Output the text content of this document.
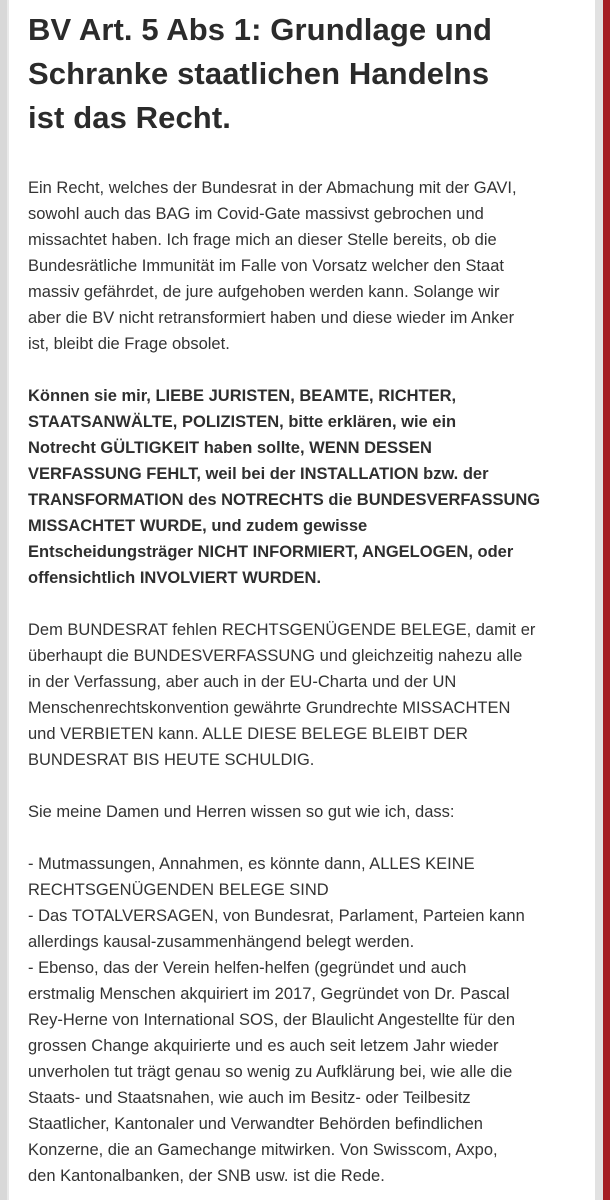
BV Art. 5 Abs 1: Grundlage und
Schranke staatlichen Handelns
ist das Recht.

Ein Recht, welches der Bundesrat in der Abmachung mit der GAVI,
sowohl auch das BAG im Covid-Gate massivst gebrochen und
missachtet haben. Ich frage mich an dieser Stelle bereits, ob die
Bundesrätliche Immunität im Falle von Vorsatz welcher den Staat
massiv gefährdet, de jure aufgehoben werden kann. Solange wir
aber die BV nicht retransformiert haben und diese wieder im Anker
ist, bleibt die Frage obsolet.

Können sie mir, LIEBE JURISTEN, BEAMTE, RICHTER,
STAATSANWÄLTE, POLIZISTEN, bitte erklären, wie ein
Notrecht GÜLTIGKEIT haben sollte, WENN DESSEN
VERFASSUNG FEHLT, weil bei der INSTALLATION bzw. der
TRANSFORMATION des NOTRECHTS die BUNDESVERFASSUNG
MISSACHTET WURDE, und zudem gewisse
Entscheidungsträger NICHT INFORMIERT, ANGELOGEN, oder
offensichtlich INVOLVIERT WURDEN.

Dem BUNDESRAT fehlen RECHTSGENÜGENDE BELEGE, damit er
überhaupt die BUNDESVERFASSUNG und gleichzeitig nahezu alle
in der Verfassung, aber auch in der EU-Charta und der UN
Menschenrechtskonvention gewährte Grundrechte MISSACHTEN
und VERBIETEN kann. ALLE DIESE BELEGE BLEIBT DER
BUNDESRAT BIS HEUTE SCHULDIG.

Sie meine Damen und Herren wissen so gut wie ich, dass:

- Mutmassungen, Annahmen, es könnte dann, ALLES KEINE
RECHTSGENÜGENDEN BELEGE SIND
- Das TOTALVERSAGEN, von Bundesrat, Parlament, Parteien kann
allerdings kausal-zusammenhängend belegt werden.
- Ebenso, das der Verein helfen-helfen (gegründet und auch
erstmalig Menschen akquiriert im 2017, Gegründet von Dr. Pascal
Rey-Herne von International SOS, der Blaulicht Angestellte für den
grossen Change akquirierte und es auch seit letzem Jahr wieder
unverholen tut trägt genau so wenig zu Aufklärung bei, wie alle die
Staats- und Staatsnahen, wie auch im Besitz- oder Teilbesitz
Staatlicher, Kantonaler und Verwandter Behörden befindlichen
Konzerne, die an Gamechange mitwirken. Von Swisscom, Axpo,
den Kantonalbanken, der SNB usw. ist die Rede.
